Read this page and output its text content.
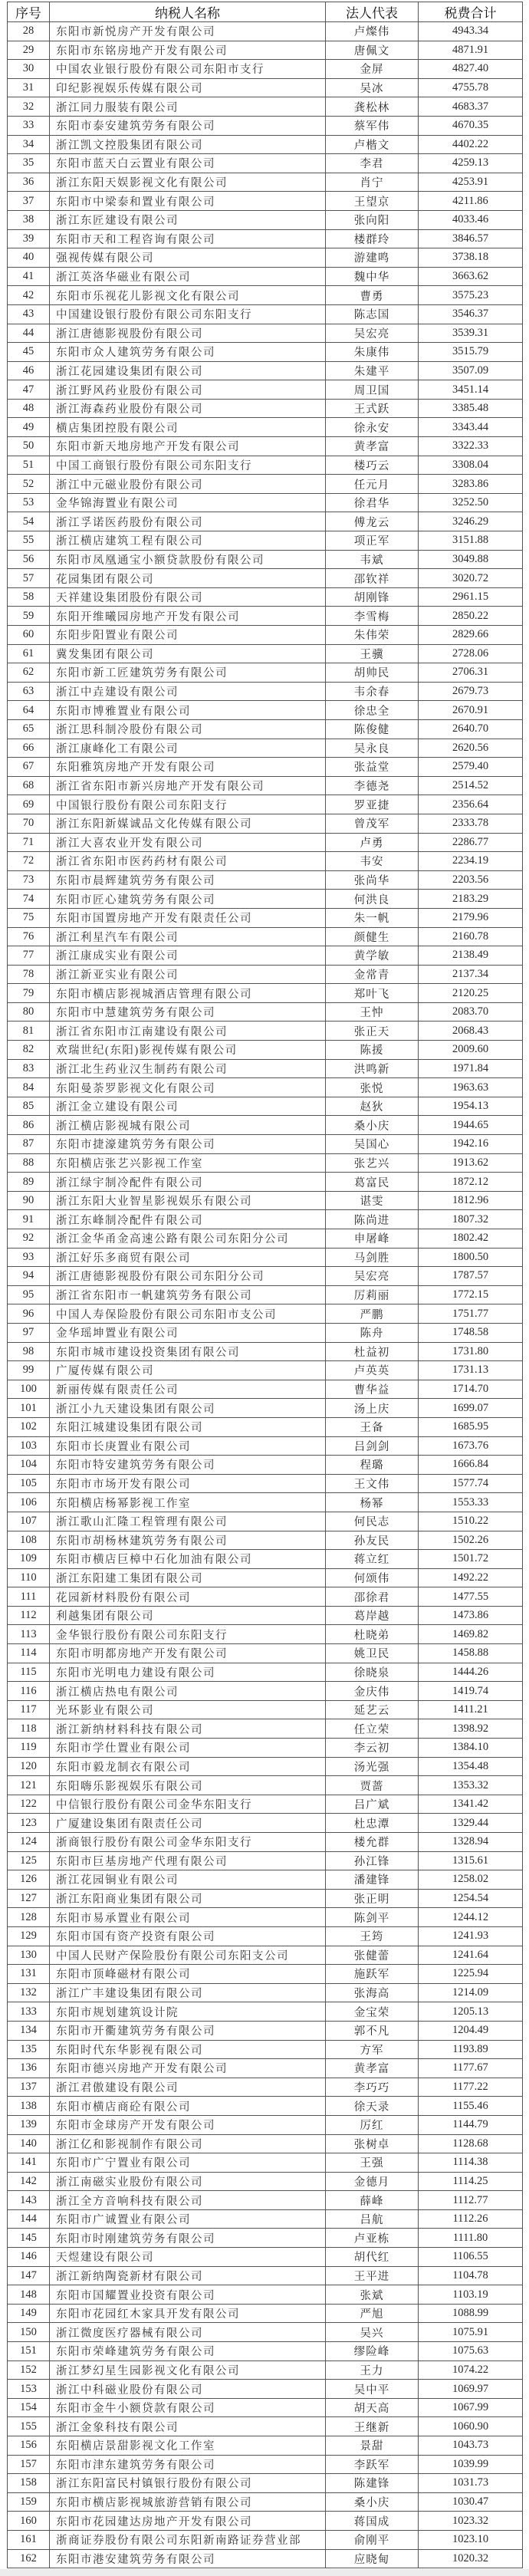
序号	纳税人名称	法人代表	税费合计
28	东阳市新悦房产开发有限公司	卢燦伟	4943.34
29	东阳市东铭房地产开发有限公司	唐佩文	4871.91
30	中国农业银行股份有限公司东阳市支行	金屏	4827.40
31	印纪影视娱乐传媒有限公司	吴冰	4755.78
32	浙江同力服装有限公司	龚松林	4683.37
33	东阳市泰安建筑劳务有限公司	蔡军伟	4670.35
34	浙江凯文控股集团有限公司	卢楷文	4402.22
35	东阳市蓝天白云置业有限公司	李君	4259.13
36	浙江东阳天娱影视文化有限公司	肖宁	4253.91
37	东阳市中梁泰和置业有限公司	王望京	4211.86
38	浙江东匠建设有限公司	张向阳	4033.46
39	东阳市天和工程咨询有限公司	楼群玲	3846.57
40	强视传媒有限公司	游建鸣	3738.18
41	浙江英洛华磁业有限公司	魏中华	3663.62
42	东阳市乐视花儿影视文化有限公司	曹勇	3575.23
43	中国建设银行股份有限公司东阳支行	陈志国	3546.37
44	浙江唐德影视股份有限公司	吴宏亮	3539.31
45	东阳市众人建筑劳务有限公司	朱康伟	3515.79
46	浙江花园建设集团有限公司	朱建平	3507.09
47	浙江野风药业股份有限公司	周卫国	3451.14
48	浙江海森药业股份有限公司	王式跃	3385.48
49	横店集团控股有限公司	徐永安	3343.44
50	东阳市新天地房地产开发有限公司	黄孝富	3322.33
51	中国工商银行股份有限公司东阳支行	楼巧云	3308.04
52	浙江中元磁业股份有限公司	任元月	3283.86
53	金华锦海置业有限公司	徐君华	3252.50
54	浙江孚诺医药股份有限公司	傅龙云	3246.29
55	浙江横店建筑工程有限公司	项正军	3151.88
56	东阳市凤凰通宝小额贷款股份有限公司	韦斌	3049.88
57	花园集团有限公司	邵钦祥	3020.72
58	天祥建设集团股份有限公司	胡刚锋	2961.15
59	东阳开维曦园房地产开发有限公司	李雪梅	2850.22
60	东阳步阳置业有限公司	朱伟荣	2829.66
61	冀发集团有限公司	王骥	2728.06
62	东阳市新工匠建筑劳务有限公司	胡帅民	2706.31
63	浙江中垚建设有限公司	韦余春	2679.73
64	东阳市博雅置业有限公司	徐忠全	2670.91
65	浙江思科制冷股份有限公司	陈俊健	2640.70
66	浙江康峰化工有限公司	吴永良	2620.56
67	东阳雅筑房地产开发有限公司	张益堂	2579.40
68	浙江省东阳市新兴房地产开发有限公司	李德尧	2514.52
69	中国银行股份有限公司东阳支行	罗亚捷	2356.64
70	浙江东阳新媒诚品文化传媒有限公司	曾茂军	2333.78
71	浙江大喜农业开发有限公司	卢勇	2286.77
72	浙江省东阳市医药药材有限公司	韦安	2234.19
73	东阳市晨辉建筑劳务有限公司	张尚华	2203.56
74	东阳市匠心建筑劳务有限公司	何洪良	2183.29
75	东阳市国置房地产开发有限责任公司	朱一帆	2179.96
76	浙江利星汽车有限公司	颜健生	2160.78
77	浙江康成实业有限公司	黄学敏	2138.49
78	浙江新亚实业有限公司	金常青	2137.34
79	东阳市横店影视城酒店管理有限公司	郑叶飞	2120.25
80	东阳市中慧建筑劳务有限公司	王忡	2083.70
81	浙江省东阳市江南建设有限公司	张正天	2068.43
82	欢瑞世纪(东阳)影视传媒有限公司	陈援	2009.60
83	浙江北生药业汉生制药有限公司	洪鸣新	1971.84
84	东阳曼荼罗影视文化有限公司	张悦	1963.63
85	浙江金立建设有限公司	赵狄	1954.13
86	浙江横店影视城有限公司	桑小庆	1944.65
87	东阳市捷濠建筑劳务有限公司	吴国心	1942.16
88	东阳横店张艺兴影视工作室	张艺兴	1913.62
89	浙江绿宇制冷配件有限公司	葛富民	1872.12
90	浙江东阳大业智星影视娱乐有限公司	谌雯	1812.96
91	浙江东峰制冷配件有限公司	陈尚进	1807.32
92	浙江金华甬金高速公路有限公司东阳分公司	申屠峰	1802.42
93	浙江好乐多商贸有限公司	马剑胜	1800.50
94	浙江唐德影视股份有限公司东阳分公司	吴宏亮	1787.57
95	浙江省东阳市一帆建筑劳务有限公司	厉莉丽	1772.15
96	中国人寿保险股份有限公司东阳市支公司	严鹏	1751.77
97	金华瑶坤置业有限公司	陈舟	1748.58
98	东阳市城市建设投资集团有限公司	杜益初	1731.80
99	广厦传媒有限公司	卢英英	1731.13
100	新丽传媒有限责任公司	曹华益	1714.70
101	浙江小九天建设集团有限公司	汤上庆	1699.07
102	东阳江城建设集团有限公司	王备	1685.95
103	东阳市长庚置业有限公司	吕剑剑	1673.76
104	东阳市特安建筑劳务有限公司	程璐	1666.84
105	东阳市市场开发有限公司	王文伟	1577.74
106	东阳横店杨幂影视工作室	杨幂	1553.33
107	浙江歌山汇隆工程管理有限公司	何民志	1510.22
108	东阳市胡杨林建筑劳务有限公司	孙友民	1502.26
109	东阳市横店巨樟中石化加油有限公司	蒋立红	1501.72
110	浙江东阳建工集团有限公司	何颂伟	1492.22
111	花园新材料股份有限公司	邵徐君	1477.55
112	利越集团有限公司	葛岸越	1473.86
113	金华银行股份有限公司东阳支行	杜晓弟	1469.82
114	东阳市明都房地产开发有限公司	姚卫民	1458.88
115	东阳市光明电力建设有限公司	徐晓泉	1444.26
116	浙江横店热电有限公司	金庆伟	1419.74
117	光环影业有限公司	延艺云	1411.21
118	浙江新纳材料科技有限公司	任立荣	1398.92
119	东阳市学仕置业有限公司	李云初	1384.10
120	东阳市毅龙制衣有限公司	汤光强	1354.48
121	东阳嗨乐影视娱乐有限公司	贾蔷	1353.32
122	中信银行股份有限公司金华东阳支行	吕广斌	1341.42
123	广厦建设集团有限责任公司	杜忠潭	1329.44
124	浙商银行股份有限公司金华东阳支行	楼允群	1328.94
125	东阳市巨基房地产代理有限公司	孙江锋	1315.61
126	浙江花园铜业有限公司	潘建锋	1258.02
127	浙江东阳商业集团有限公司	张正明	1254.54
128	东阳市易承置业有限公司	陈剑平	1244.12
129	东阳市国有资产投资有限公司	王筠	1241.93
130	中国人民财产保险股份有限公司东阳支公司	张健蕾	1241.64
131	东阳市顶峰磁材有限公司	施跃军	1225.94
132	浙江广丰建设集团有限公司	张海高	1214.09
133	东阳市规划建筑设计院	金宝荣	1205.13
134	东阳市开衢建筑劳务有限公司	郭不凡	1204.49
135	东阳时代东华影视有限公司	方军	1193.89
136	东阳市德兴房地产开发有限公司	黄孝富	1177.67
137	浙江君傲建设有限公司	李巧巧	1177.22
138	东阳市横店商砼有限公司	徐天录	1155.46
139	东阳市金球房产开发有限公司	厉红	1144.79
140	浙江亿和影视制作有限公司	张树卓	1128.68
141	东阳市广宁置业有限公司	王强	1114.38
142	浙江南磁实业股份有限公司	金德月	1114.25
143	浙江全方音响科技有限公司	薛峰	1112.77
144	东阳市广诚置业有限公司	吕航	1112.26
145	东阳市时刚建筑劳务有限公司	卢亚栋	1111.80
146	天煜建设有限公司	胡代红	1106.55
147	浙江新纳陶瓷新材有限公司	王平进	1104.78
148	东阳市国耀置业投资有限公司	张斌	1103.19
149	东阳市花园红木家具开发有限公司	严旭	1088.99
150	浙江微度医疗器械有限公司	吴兴	1075.91
151	东阳市荣峰建筑劳务有限公司	缪险峰	1075.63
152	浙江梦幻星生园影视文化有限公司	王力	1074.22
153	浙江中科磁业股份有限公司	吴中平	1069.97
154	东阳市金牛小额贷款有限公司	胡天高	1067.99
155	浙江金象科技有限公司	王继新	1060.90
156	东阳横店景甜影视文化工作室	景甜	1043.73
157	东阳市津东建筑劳务有限公司	李跃军	1039.99
158	浙江东阳富民村镇银行股份有限公司	陈建锋	1031.73
159	东阳市横店影视城旅游营销有限公司	桑小庆	1030.47
160	东阳市花园建达房地产开发有限公司	蒋国成	1023.32
161	浙商证券股份有限公司东阳新南路证券营业部	俞刚平	1023.10
162	东阳市港安建筑劳务有限公司	应晓甸	1020.32
